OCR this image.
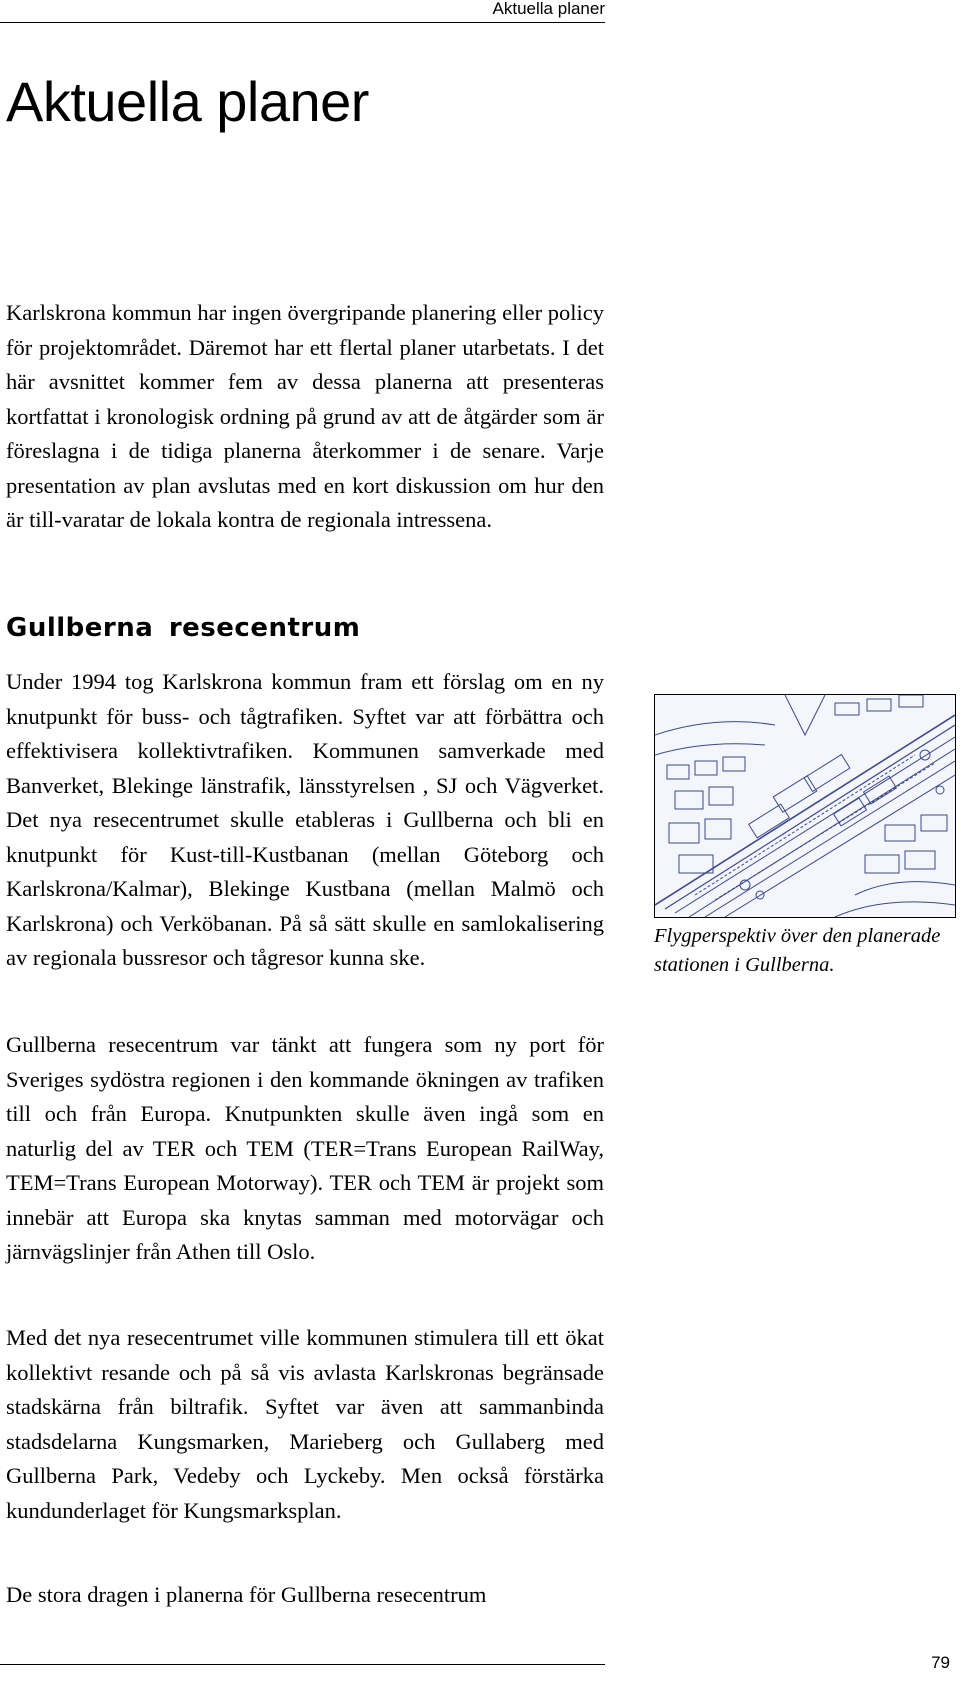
Aktuella planer
Aktuella planer

Karlskrona kommun har ingen övergripande planering eller policy för projektområdet. Däremot har ett flertal planer utarbetats. I det här avsnittet kommer fem av dessa planerna att presenteras kortfattat i kronologisk ordning på grund av att de åtgärder som är föreslagna i de tidiga planerna återkommer i de senare. Varje presentation av plan avslutas med en kort diskussion om hur den är till-varatar de lokala kontra de regionala intressena.

Gullberna resecentrum

Under 1994 tog Karlskrona kommun fram ett förslag om en ny knutpunkt för buss- och tågtrafiken. Syftet var att förbättra och effektivisera kollektivtrafiken. Kommunen samverkade med Banverket, Blekinge länstrafik, länsstyrelsen , SJ och Vägverket. Det nya resecentrumet skulle etableras i Gullberna och bli en knutpunkt för Kust-till-Kustbanan (mellan Göteborg och Karlskrona/Kalmar), Blekinge Kustbana (mellan Malmö och Karlskrona) och Verköbanan. På så sätt skulle en samlokalisering av regionala bussresor och tågresor kunna ske.

Gullberna resecentrum var tänkt att fungera som ny port för Sveriges sydöstra regionen i den kommande ökningen av trafiken till och från Europa. Knutpunkten skulle även ingå som en naturlig del av TER och TEM (TER=Trans European RailWay, TEM=Trans European Motorway). TER och TEM är projekt som innebär att Europa ska knytas samman med motorvägar och järnvägslinjer från Athen till Oslo.

Med det nya resecentrumet ville kommunen stimulera till ett ökat kollektivt resande och på så vis avlasta Karlskronas begränsade stadskärna från biltrafik. Syftet var även att sammanbinda stadsdelarna Kungsmarken, Marieberg och Gullaberg med Gullberna Park, Vedeby och Lyckeby. Men också förstärka kundunderlaget för Kungsmarksplan.

De stora dragen i planerna för Gullberna resecentrum

Flygperspektiv över den planerade stationen i Gullberna.

79
